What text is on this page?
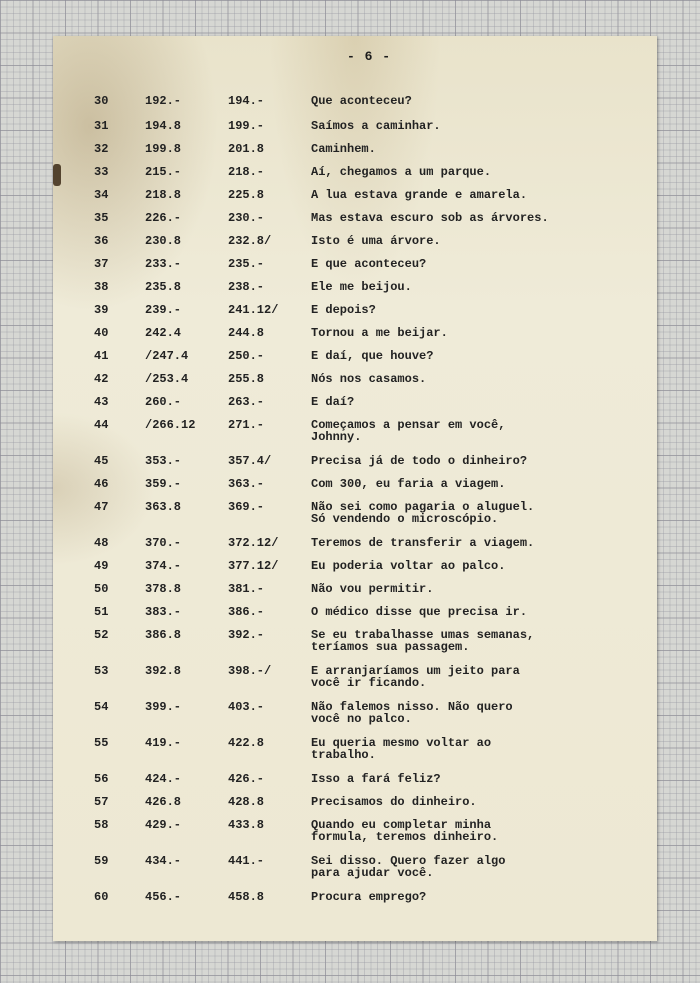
- 6 -
30	192.-	194.-	Que aconteceu?
31	194.8	199.-	Saímos a caminhar.
32	199.8	201.8	Caminhem.
33	215.-	218.-	Aí, chegamos a um parque.
34	218.8	225.8	A lua estava grande e amarela.
35	226.-	230.-	Mas estava escuro sob as árvores.
36	230.8	232.8/	Isto é uma árvore.
37	233.-	235.-	E que aconteceu?
38	235.8	238.-	Ele me beijou.
39	239.-	241.12/	E depois?
40	242.4	244.8	Tornou a me beijar.
41	/247.4	250.-	E daí, que houve?
42	/253.4	255.8	Nós nos casamos.
43	260.-	263.-	E daí?
44	/266.12	271.-	Começamos a pensar em você,
Johnny.
45	353.-	357.4/	Precisa já de todo o dinheiro?
46	359.-	363.-	Com 300, eu faria a viagem.
47	363.8	369.-	Não sei como pagaria o aluguel.
Só vendendo o microscópio.
48	370.-	372.12/	Teremos de transferir a viagem.
49	374.-	377.12/	Eu poderia voltar ao palco.
50	378.8	381.-	Não vou permitir.
51	383.-	386.-	O médico disse que precisa ir.
52	386.8	392.-	Se eu trabalhasse umas semanas,
teríamos sua passagem.
53	392.8	398.-/	E arranjaríamos um jeito para
você ir ficando.
54	399.-	403.-	Não falemos nisso. Não quero
você no palco.
55	419.-	422.8	Eu queria mesmo voltar ao
trabalho.
56	424.-	426.-	Isso a fará feliz?
57	426.8	428.8	Precisamos do dinheiro.
58	429.-	433.8	Quando eu completar minha
formula, teremos dinheiro.
59	434.-	441.-	Sei disso. Quero fazer algo
para ajudar você.
60	456.-	458.8	Procura emprego?
